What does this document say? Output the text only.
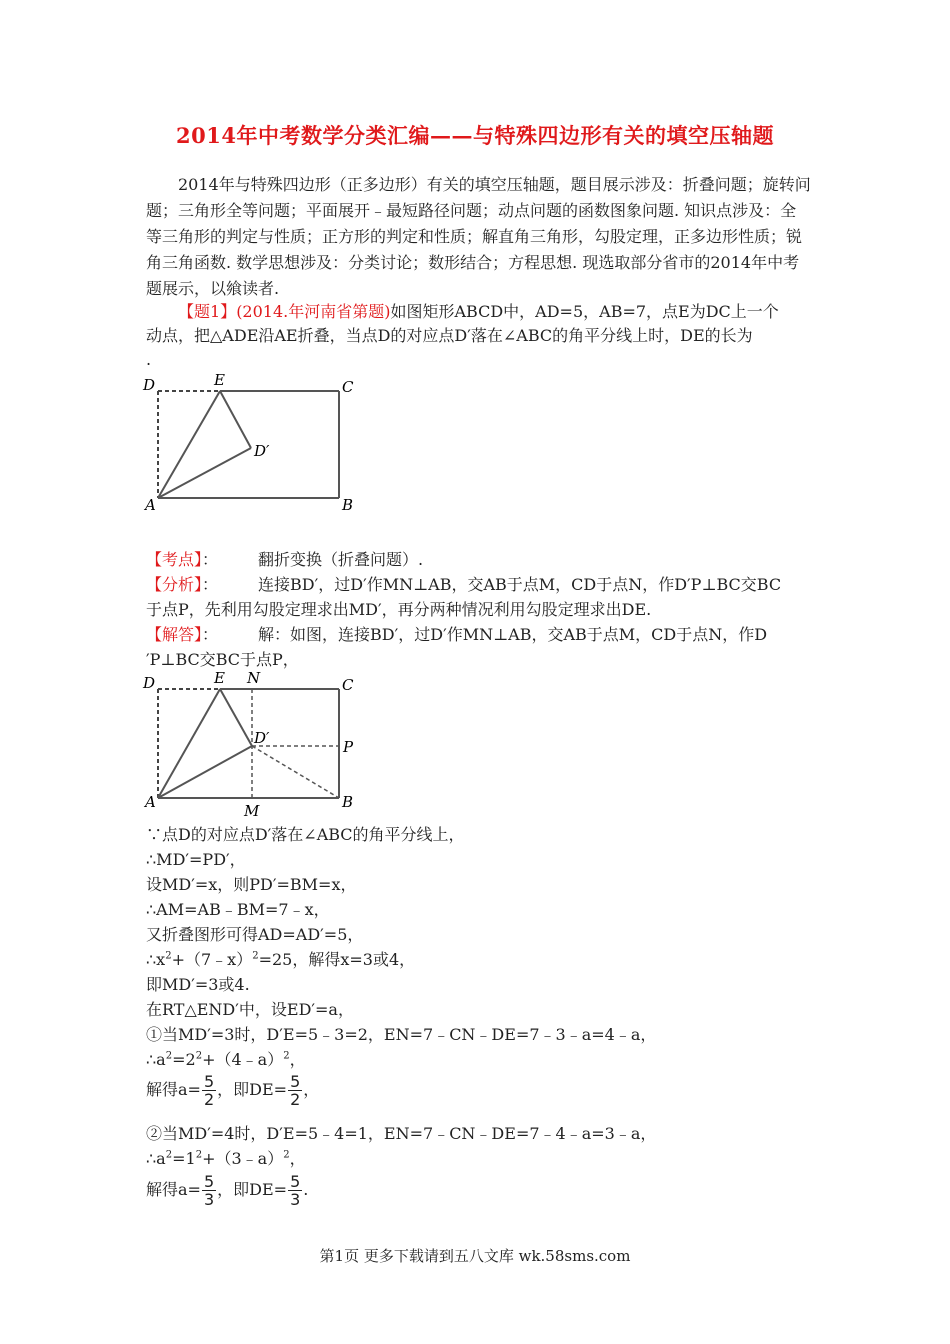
2014年中考数学分类汇编——与特殊四边形有关的填空压轴题
2014年与特殊四边形（正多边形）有关的填空压轴题，题目展示涉及：折叠问题；旋转问题；三角形全等问题；平面展开﹣最短路径问题；动点问题的函数图象问题. 知识点涉及：全等三角形的判定与性质；正方形的判定和性质；解直角三角形，勾股定理，正多边形性质；锐角三角函数. 数学思想涉及：分类讨论；数形结合；方程思想. 现选取部分省市的2014年中考题展示，以飨读者.
【题1】(2014.年河南省第题)如图矩形ABCD中，AD=5，AB=7，点E为DC上一个
动点，把△ADE沿AE折叠，当点D的对应点D′落在∠ABC的角平分线上时，DE的长为
.
D	E	C
D′
A	B
【考点】：	翻折变换（折叠问题）.
【分析】：	连接BD′，过D′作MN⊥AB，交AB于点M，CD于点N，作D′P⊥BC交BC
于点P，先利用勾股定理求出MD′，再分两种情况利用勾股定理求出DE.
【解答】：	解：如图，连接BD′，过D′作MN⊥AB，交AB于点M，CD于点N，作D
′P⊥BC交BC于点P，
D	E N	C
D′	P
A	M	B
∵点D的对应点D′落在∠ABC的角平分线上，
∴MD′=PD′，
设MD′=x，则PD′=BM=x，
∴AM=AB﹣BM=7﹣x，
又折叠图形可得AD=AD′=5，
$\therefore x^2+(7﹣x)^2=25$，解得x=3或4，
即MD′=3或4.
在RT△END′中，设ED′=a，
①当MD′=3时，D′E=5﹣3=2，EN=7﹣CN﹣DE=7﹣3﹣a=4﹣a，
$\therefore a^2=2^2+(4﹣a)^2$，
解得$a= \frac{5}{2}$ ，即$DE= \frac{5}{2}$ ，
②当MD′=4时，D′E=5﹣4=1，EN=7﹣CN﹣DE=7﹣4﹣a=3﹣a，
$\therefore a^2=1^2+(3﹣a)^2$，
解得$a= \frac{5}{3}$ ，即$DE= \frac{5}{3}$ .
第1页 更多下载请到五八文库 wk.58sms.com
